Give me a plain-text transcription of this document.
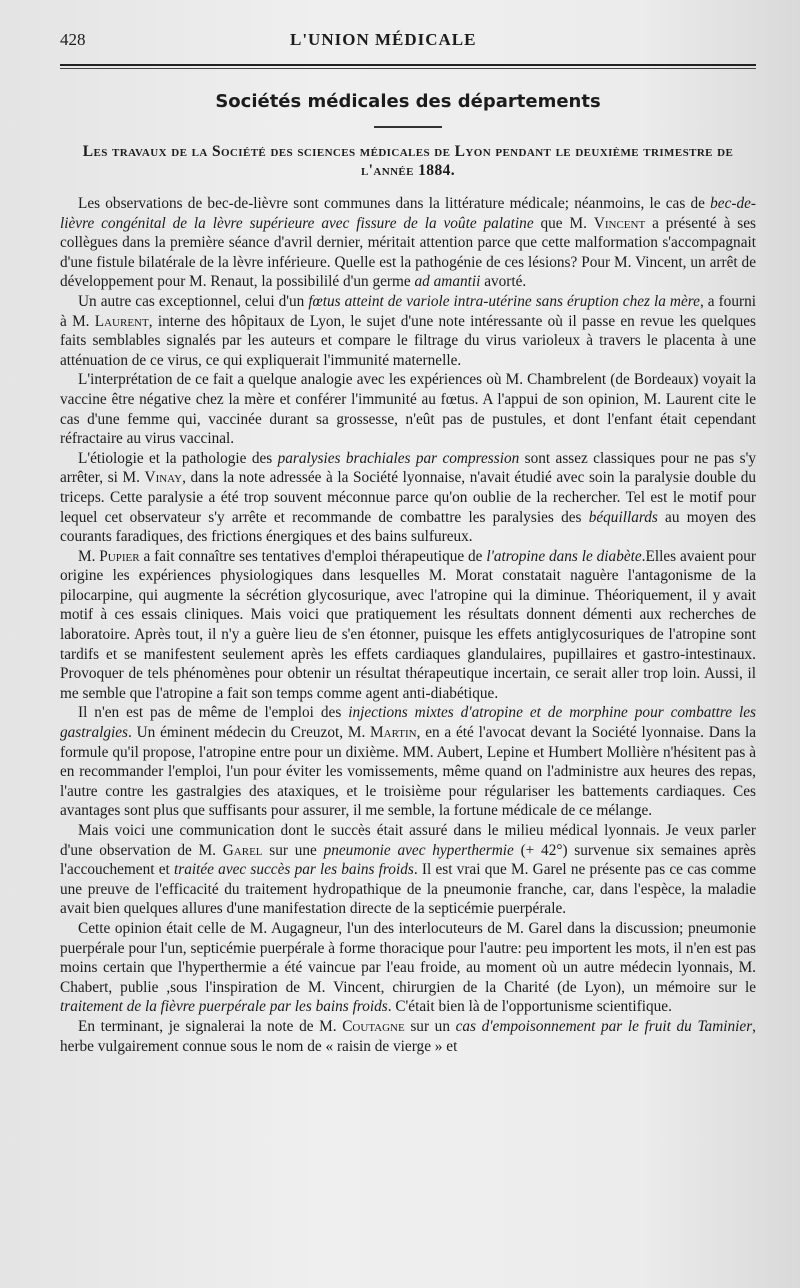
428	L'UNION MÉDICALE
Sociétés médicales des départements
Les travaux de la Société des sciences médicales de Lyon pendant le deuxième trimestre de l'année 1884.

Les observations de bec-de-lièvre sont communes dans la littérature médicale; néanmoins, le cas de bec-de-lièvre congénital de la lèvre supérieure avec fissure de la voûte palatine que M. Vincent a présenté à ses collègues dans la première séance d'avril dernier, méritait attention parce que cette malformation s'accompagnait d'une fistule bilatérale de la lèvre inférieure. Quelle est la pathogénie de ces lésions? Pour M. Vincent, un arrêt de développement pour M. Renaut, la possibililé d'un germe ad amantii avorté.

Un autre cas exceptionnel, celui d'un fœtus atteint de variole intra-utérine sans éruption chez la mère, a fourni à M. Laurent, interne des hôpitaux de Lyon, le sujet d'une note intéressante où il passe en revue les quelques faits semblables signalés par les auteurs et compare le filtrage du virus varioleux à travers le placenta à une atténuation de ce virus, ce qui expliquerait l'immunité maternelle.

L'interprétation de ce fait a quelque analogie avec les expériences où M. Chambrelent (de Bordeaux) voyait la vaccine être négative chez la mère et conférer l'immunité au fœtus. A l'appui de son opinion, M. Laurent cite le cas d'une femme qui, vaccinée durant sa grossesse, n'eût pas de pustules, et dont l'enfant était cependant réfractaire au virus vaccinal.

L'étiologie et la pathologie des paralysies brachiales par compression sont assez classiques pour ne pas s'y arrêter, si M. Vinay, dans la note adressée à la Société lyonnaise, n'avait étudié avec soin la paralysie double du triceps. Cette paralysie a été trop souvent méconnue parce qu'on oublie de la rechercher. Tel est le motif pour lequel cet observateur s'y arrête et recommande de combattre les paralysies des béquillards au moyen des courants faradiques, des frictions énergiques et des bains sulfureux.

M. Pupier a fait connaître ses tentatives d'emploi thérapeutique de l'atropine dans le diabète.Elles avaient pour origine les expériences physiologiques dans lesquelles M. Morat constatait naguère l'antagonisme de la pilocarpine, qui augmente la sécrétion glycosurique, avec l'atropine qui la diminue. Théoriquement, il y avait motif à ces essais cliniques. Mais voici que pratiquement les résultats donnent démenti aux recherches de laboratoire. Après tout, il n'y a guère lieu de s'en étonner, puisque les effets antiglycosuriques de l'atropine sont tardifs et se manifestent seulement après les effets cardiaques glandulaires, pupillaires et gastro-intestinaux. Provoquer de tels phénomènes pour obtenir un résultat thérapeutique incertain, ce serait aller trop loin. Aussi, il me semble que l'atropine a fait son temps comme agent anti-diabétique.

Il n'en est pas de même de l'emploi des injections mixtes d'atropine et de morphine pour combattre les gastralgies. Un éminent médecin du Creuzot, M. Martin, en a été l'avocat devant la Société lyonnaise. Dans la formule qu'il propose, l'atropine entre pour un dixième. MM. Aubert, Lepine et Humbert Mollière n'hésitent pas à en recommander l'emploi, l'un pour éviter les vomissements, même quand on l'administre aux heures des repas, l'autre contre les gastralgies des ataxiques, et le troisième pour régulariser les battements cardiaques. Ces avantages sont plus que suffisants pour assurer, il me semble, la fortune médicale de ce mélange.

Mais voici une communication dont le succès était assuré dans le milieu médical lyonnais. Je veux parler d'une observation de M. Garel sur une pneumonie avec hyperthermie (+ 42°) survenue six semaines après l'accouchement et traitée avec succès par les bains froids. Il est vrai que M. Garel ne présente pas ce cas comme une preuve de l'efficacité du traitement hydropathique de la pneumonie franche, car, dans l'espèce, la maladie avait bien quelques allures d'une manifestation directe de la septicémie puerpérale.

Cette opinion était celle de M. Augagneur, l'un des interlocuteurs de M. Garel dans la discussion; pneumonie puerpérale pour l'un, septicémie puerpérale à forme thoracique pour l'autre: peu importent les mots, il n'en est pas moins certain que l'hyperthermie a été vaincue par l'eau froide, au moment où un autre médecin lyonnais, M. Chabert, publie ,sous l'inspiration de M. Vincent, chirurgien de la Charité (de Lyon), un mémoire sur le traitement de la fièvre puerpérale par les bains froids. C'était bien là de l'opportunisme scientifique.

En terminant, je signalerai la note de M. Coutagne sur un cas d'empoisonnement par le fruit du Taminier, herbe vulgairement connue sous le nom de « raisin de vierge » et
